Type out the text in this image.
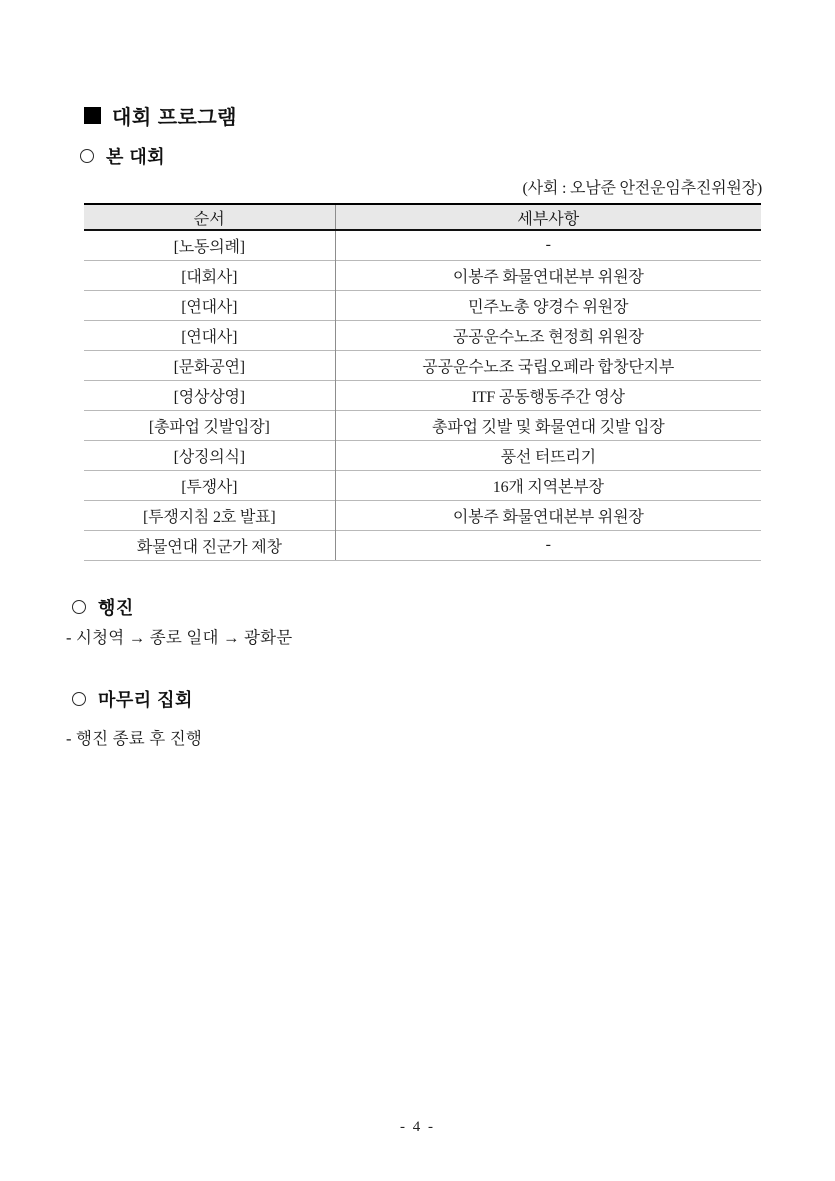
대회 프로그램
본 대회
(사회 : 오남준 안전운임추진위원장)
순서	세부사항
[노동의례]	-
[대회사]	이봉주 화물연대본부 위원장
[연대사]	민주노총 양경수 위원장
[연대사]	공공운수노조 현정희 위원장
[문화공연]	공공운수노조 국립오페라 합창단지부
[영상상영]	ITF 공동행동주간 영상
[총파업 깃발입장]	총파업 깃발 및 화물연대 깃발 입장
[상징의식]	풍선 터뜨리기
[투쟁사]	16개 지역본부장
[투쟁지침 2호 발표]	이봉주 화물연대본부 위원장
화물연대 진군가 제창	-
행진
- 시청역 → 종로 일대 → 광화문
마무리 집회
- 행진 종료 후 진행
- 4 -
